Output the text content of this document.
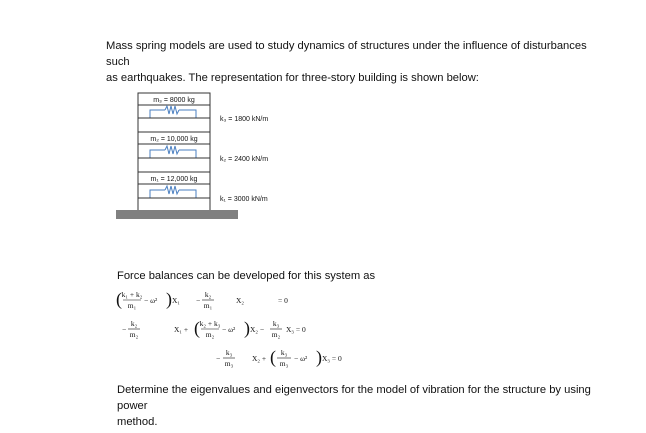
Mass spring models are used to study dynamics of structures under the influence of disturbances such
as earthquakes. The representation for three-story building is shown below:
m₃ = 8000 kg
k₃ = 1800 kN/m
m₂ = 10,000 kg
k₂ = 2400 kN/m
m₁ = 12,000 kg
k₁ = 3000 kN/m
Force balances can be developed for this system as
( k₁ + k₂
m₁
− ω² ) X₁ −
k₂
m₁
X₂	= 0
−
k₂
m₂
X₁ + ( k₂ + k₃
m₂
− ω² ) X₂ −
k₃
m₂
X₃ = 0
−
k₃
m₃
X₂ + ( k₃
m₃
− ω² ) X₃ = 0
Determine the eigenvalues and eigenvectors for the model of vibration for the structure by using power
method.
